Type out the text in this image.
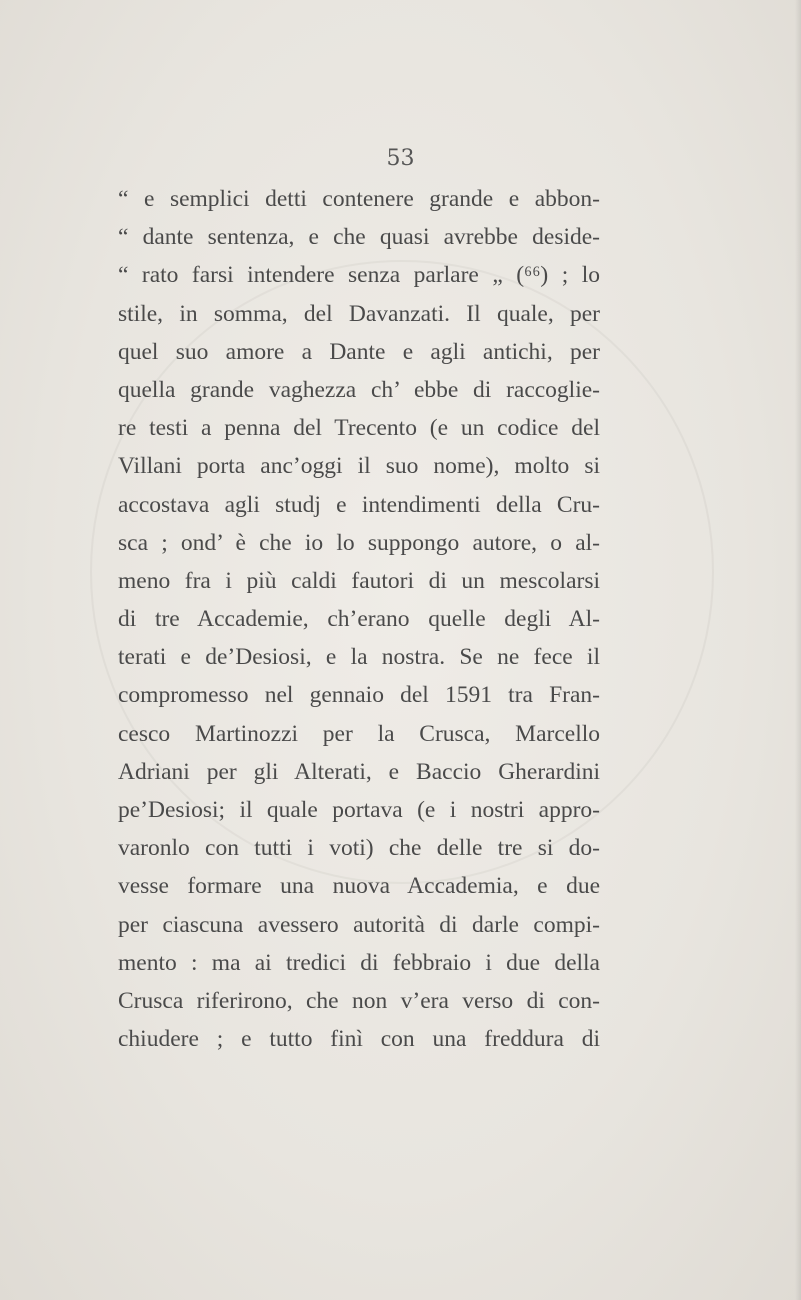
53
“ e semplici detti contenere grande e abbon-
“ dante sentenza, e che quasi avrebbe deside-
“ rato farsi intendere senza parlare „ (⁶⁶) ; lo
stile, in somma, del Davanzati. Il quale, per
quel suo amore a Dante e agli antichi, per
quella grande vaghezza ch’ ebbe di raccoglie-
re testi a penna del Trecento (e un codice del
Villani porta anc’oggi il suo nome), molto si
accostava agli studj e intendimenti della Cru-
sca ; ond’ è che io lo suppongo autore, o al-
meno fra i più caldi fautori di un mescolarsi
di tre Accademie, ch’erano quelle degli Al-
terati e de’Desiosi, e la nostra. Se ne fece il
compromesso nel gennaio del 1591 tra Fran-
cesco Martinozzi per la Crusca, Marcello
Adriani per gli Alterati, e Baccio Gherardini
pe’Desiosi; il quale portava (e i nostri appro-
varonlo con tutti i voti) che delle tre si do-
vesse formare una nuova Accademia, e due
per ciascuna avessero autorità di darle compi-
mento : ma ai tredici di febbraio i due della
Crusca riferirono, che non v’era verso di con-
chiudere ; e tutto finì con una freddura di
